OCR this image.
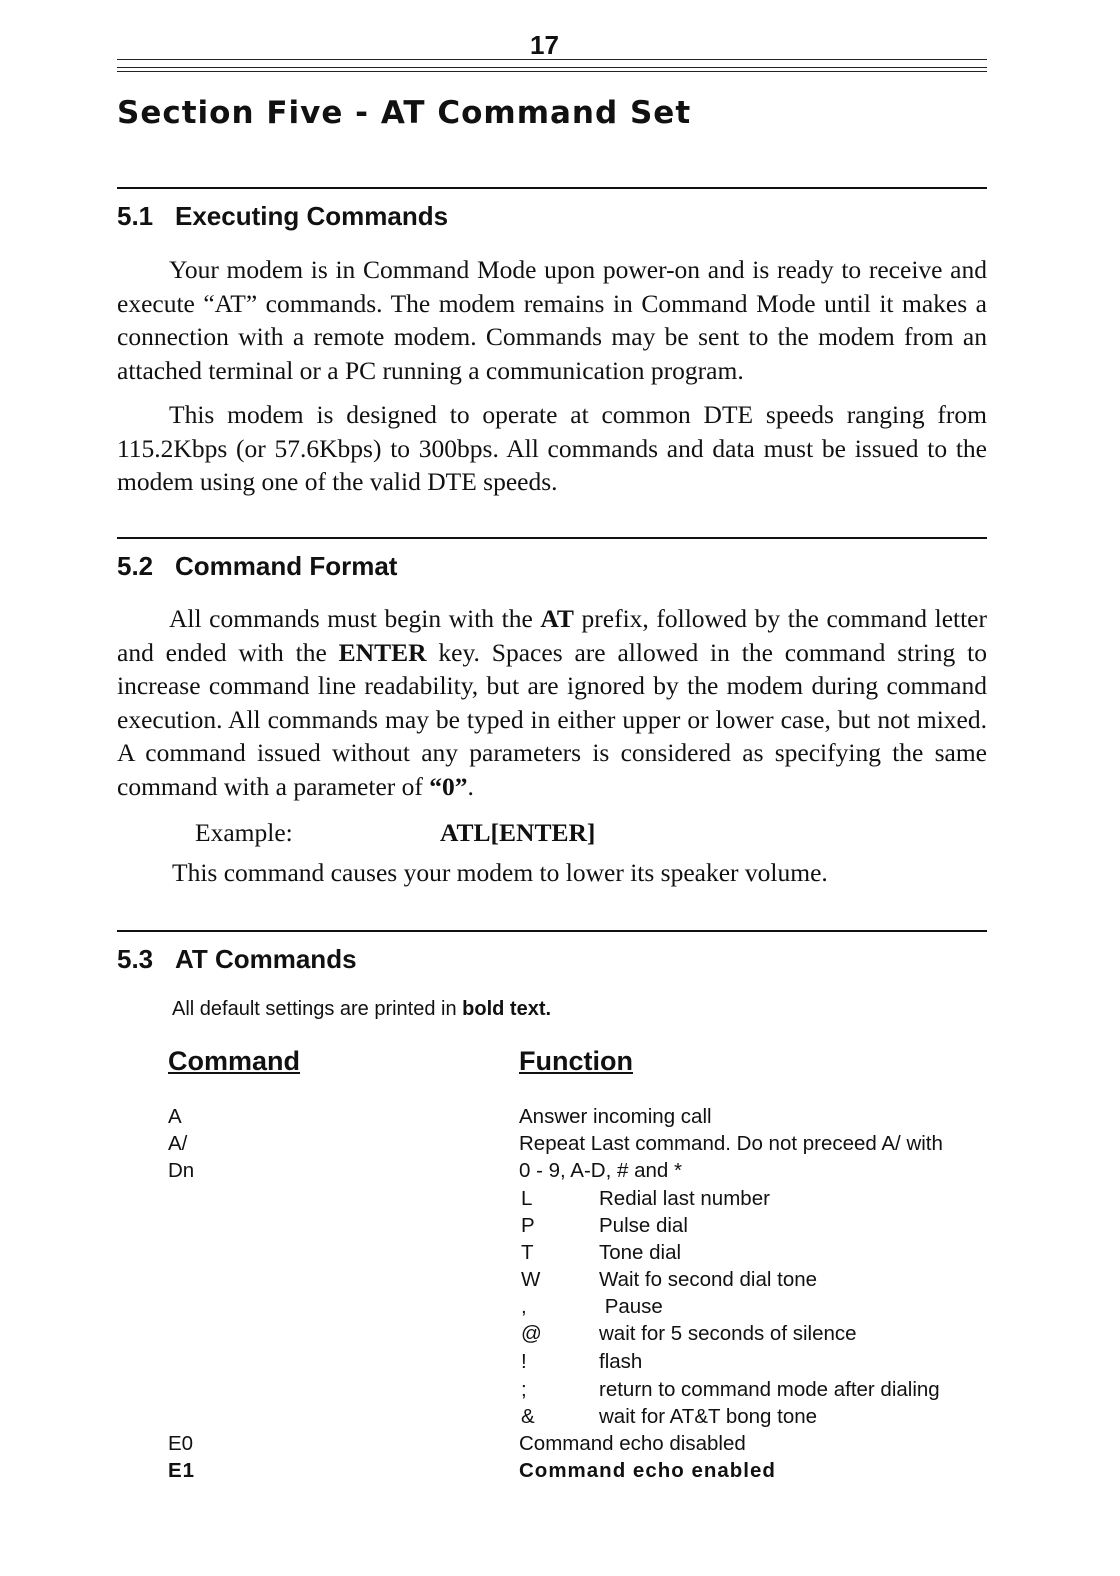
17
Section Five - AT Command Set
5.1 Executing Commands

Your modem is in Command Mode upon power-on and is ready to receive and execute “AT” commands. The modem remains in Command Mode until it makes a connection with a remote modem. Commands may be sent to the modem from an attached terminal or a PC running a communication program.

This modem is designed to operate at common DTE speeds ranging from 115.2Kbps (or 57.6Kbps) to 300bps. All commands and data must be issued to the modem using one of the valid DTE speeds.

5.2 Command Format

All commands must begin with the AT prefix, followed by the command letter and ended with the ENTER key. Spaces are allowed in the command string to increase command line readability, but are ignored by the modem during command execution. All commands may be typed in either upper or lower case, but not mixed. A command issued without any parameters is considered as specifying the same command with a parameter of “0”.

Example:	ATL[ENTER]
This command causes your modem to lower its speaker volume.
5.3 AT Commands
All default settings are printed in bold text.
Command	Function
A	Answer incoming call
A/	Repeat Last command. Do not preceed A/ with
Dn	0 - 9, A-D, # and *
L	Redial last number
P	Pulse dial
T	Tone dial
W	Wait fo second dial tone
,	Pause
@	wait for 5 seconds of silence
!	flash
;	return to command mode after dialing
&	wait for AT&T bong tone
E0	Command echo disabled
E1	Command echo enabled
